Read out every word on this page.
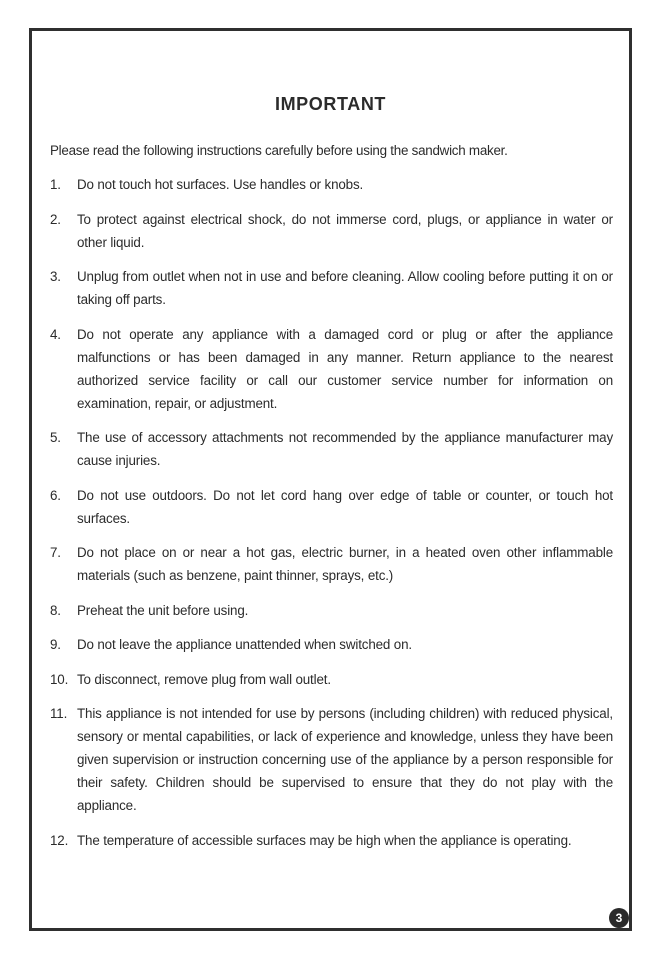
IMPORTANT
Please read the following instructions carefully before using the sandwich maker.
1.	Do not touch hot surfaces. Use handles or knobs.
2.	To protect against electrical shock, do not immerse cord, plugs, or appliance in water or other liquid.
3.	Unplug from outlet when not in use and before cleaning. Allow cooling before putting it on or taking off parts.
4.	Do not operate any appliance with a damaged cord or plug or after the appliance malfunctions or has been damaged in any manner. Return appliance to the nearest authorized service facility or call our customer service number for information on examination, repair, or adjustment.
5.	The use of accessory attachments not recommended by the appliance manufacturer may cause injuries.
6.	Do not use outdoors. Do not let cord hang over edge of table or counter, or touch hot surfaces.
7.	Do not place on or near a hot gas, electric burner, in a heated oven other inflammable materials (such as benzene, paint thinner, sprays, etc.)
8.	Preheat the unit before using.
9.	Do not leave the appliance unattended when switched on.
10. To disconnect, remove plug from wall outlet.
11. This appliance is not intended for use by persons (including children) with reduced physical, sensory or mental capabilities, or lack of experience and knowledge, unless they have been given supervision or instruction concerning use of the appliance by a person responsible for their safety. Children should be supervised to ensure that they do not play with the appliance.
12. The temperature of accessible surfaces may be high when the appliance is operating.
3
